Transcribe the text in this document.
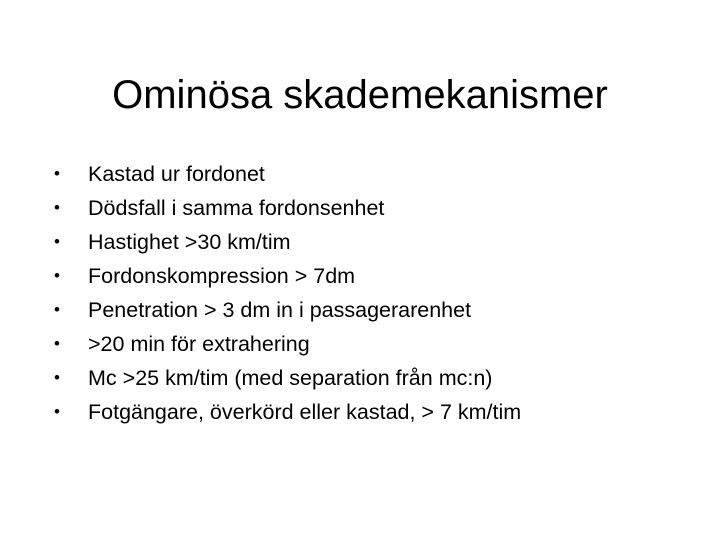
Ominösa skademekanismer
•	Kastad ur fordonet
•	Dödsfall i samma fordonsenhet
•	Hastighet >30 km/tim
•	Fordonskompression > 7dm
•	Penetration > 3 dm in i passagerarenhet
•	>20 min för extrahering
•	Mc >25 km/tim (med separation från mc:n)
•	Fotgängare, överkörd eller kastad, > 7 km/tim
